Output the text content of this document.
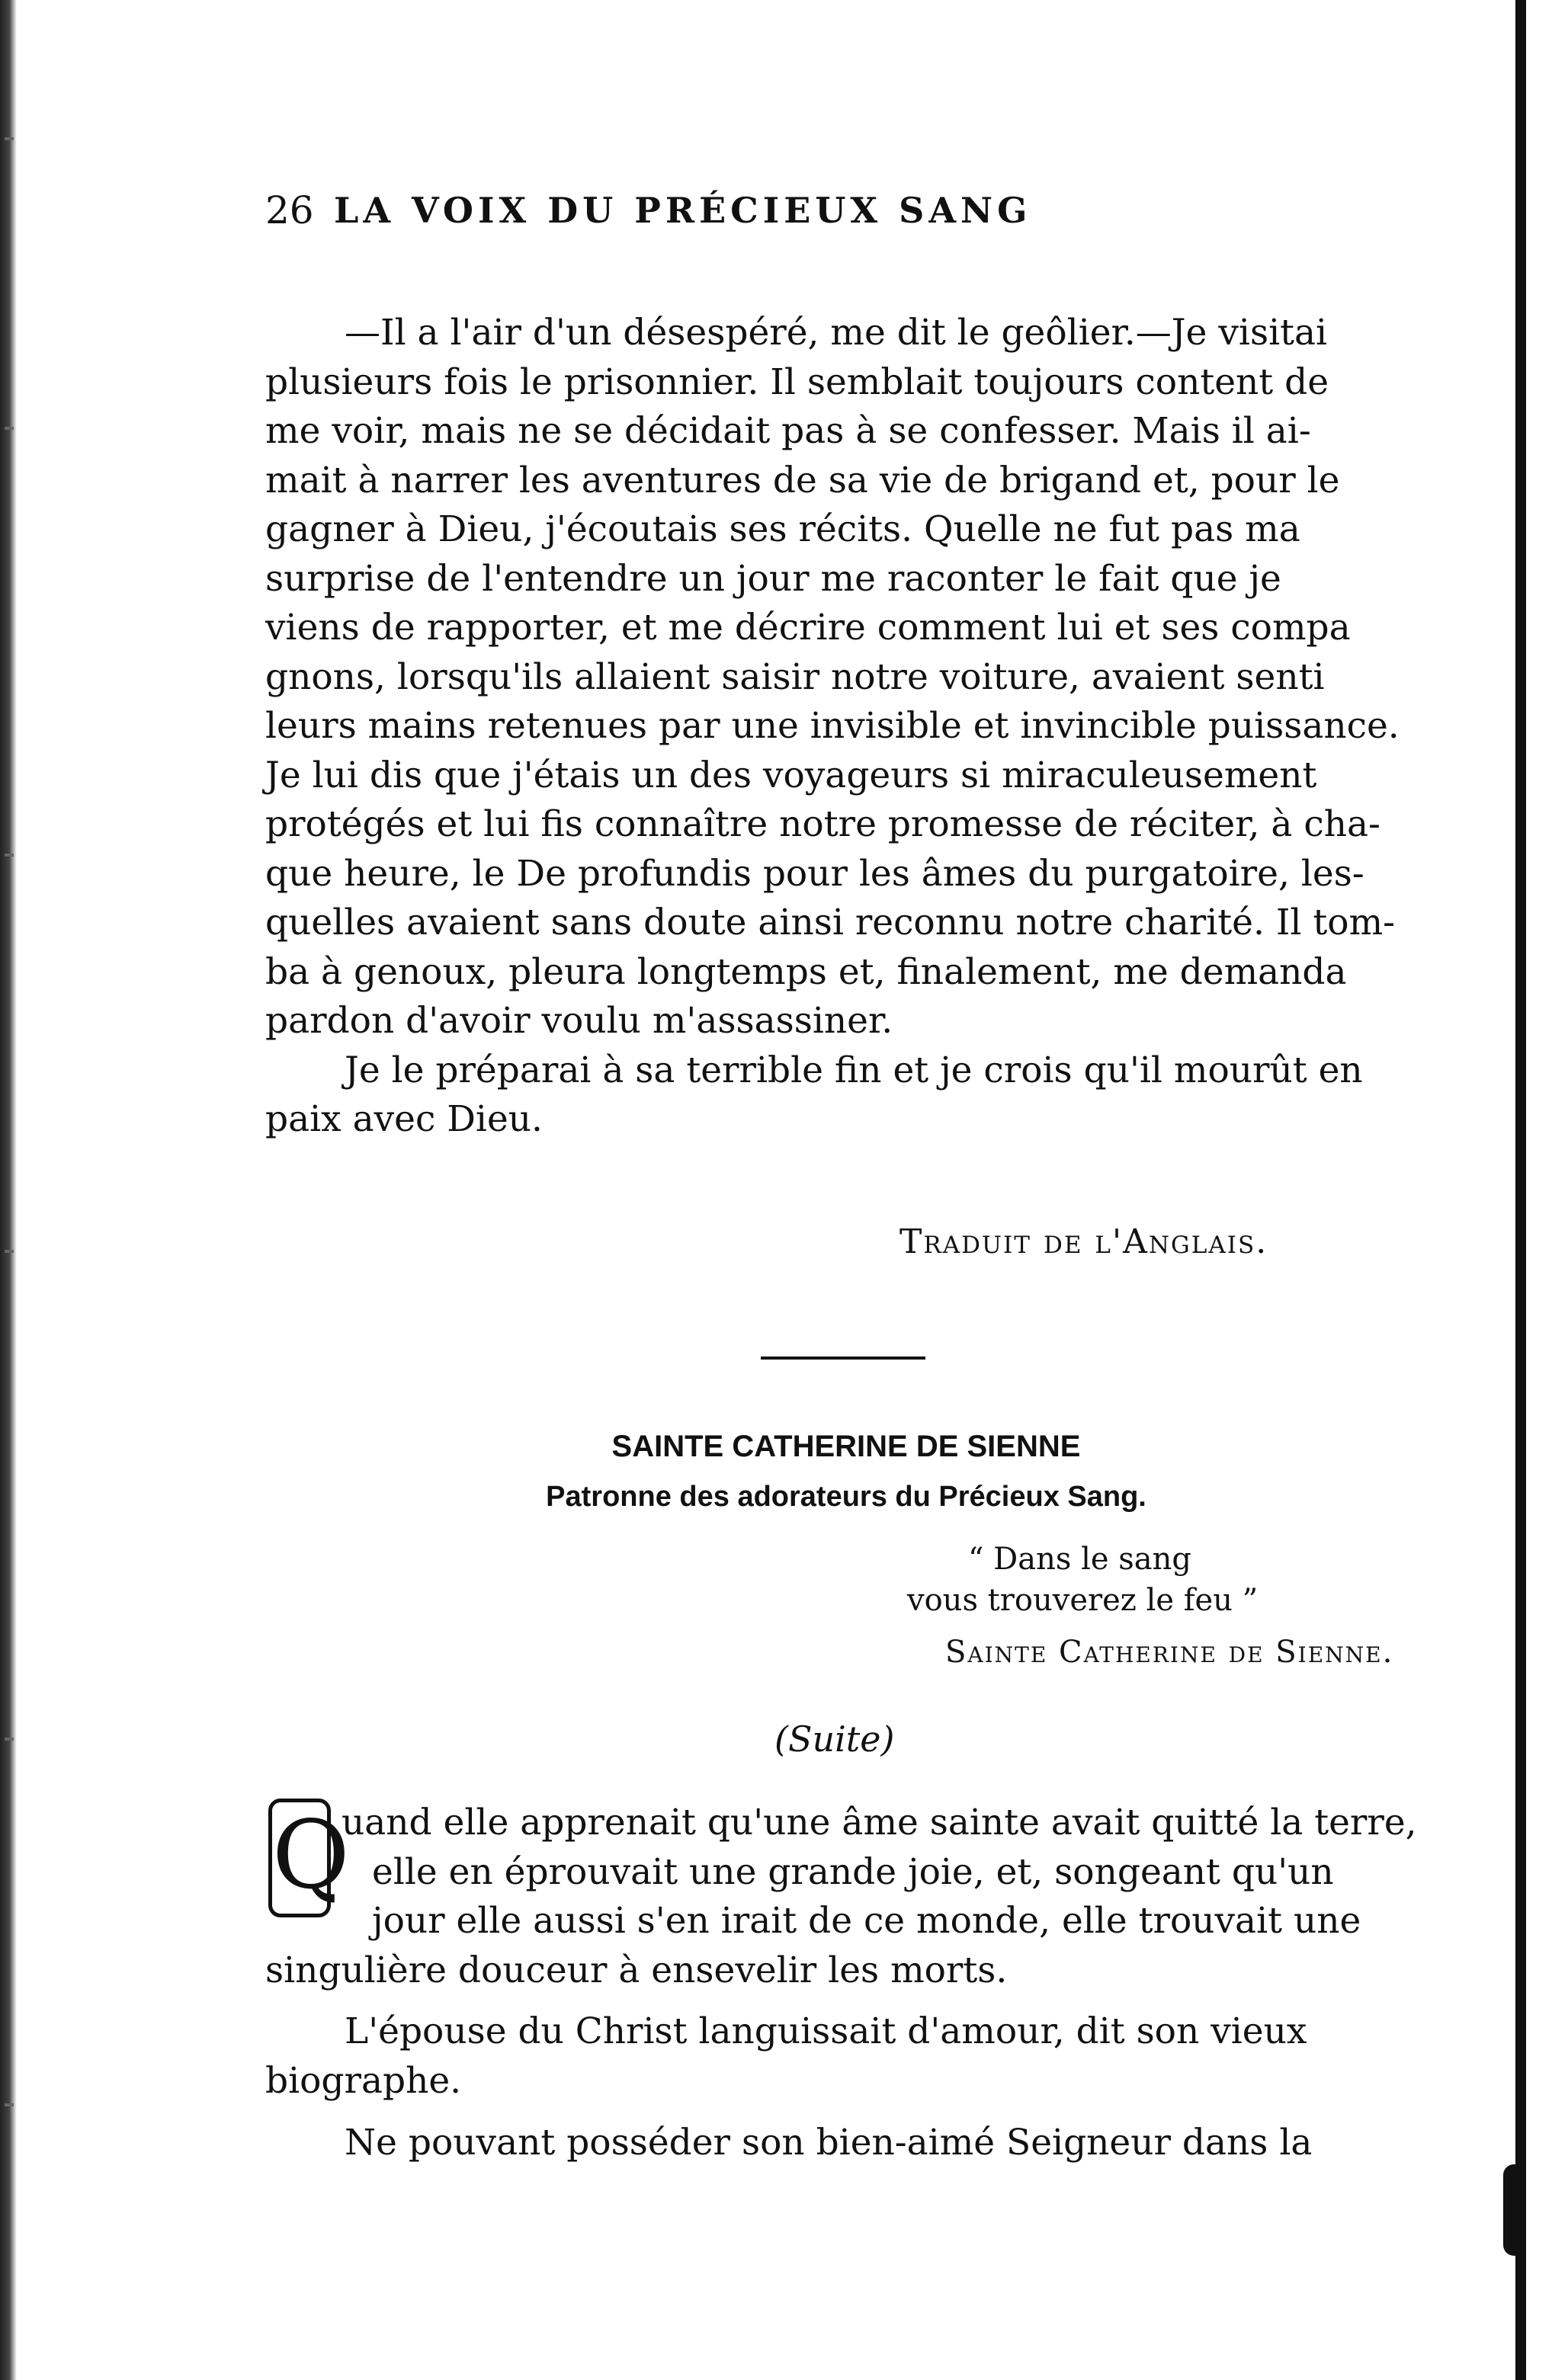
26 LA VOIX DU PRÉCIEUX SANG
—Il a l'air d'un désespéré, me dit le geôlier.—Je visitai
plusieurs fois le prisonnier. Il semblait toujours content de
me voir, mais ne se décidait pas à se confesser. Mais il ai-
mait à narrer les aventures de sa vie de brigand et, pour le
gagner à Dieu, j'écoutais ses récits. Quelle ne fut pas ma
surprise de l'entendre un jour me raconter le fait que je
viens de rapporter, et me décrire comment lui et ses compa
gnons, lorsqu'ils allaient saisir notre voiture, avaient senti
leurs mains retenues par une invisible et invincible puissance.
Je lui dis que j'étais un des voyageurs si miraculeusement
protégés et lui fis connaître notre promesse de réciter, à cha-
que heure, le De profundis pour les âmes du purgatoire, les-
quelles avaient sans doute ainsi reconnu notre charité. Il tom-
ba à genoux, pleura longtemps et, finalement, me demanda
pardon d'avoir voulu m'assassiner.
Je le préparai à sa terrible fin et je crois qu'il mourût en
paix avec Dieu.
Traduit de l'Anglais.
SAINTE CATHERINE DE SIENNE
Patronne des adorateurs du Précieux Sang.
“ Dans le sang
vous trouverez le feu ”
Sainte Catherine de Sienne.
(Suite)
uand elle apprenait qu'une âme sainte avait quitté la terre,
elle en éprouvait une grande joie, et, songeant qu'un
jour elle aussi s'en irait de ce monde, elle trouvait une
singulière douceur à ensevelir les morts.
Q
L'épouse du Christ languissait d'amour, dit son vieux
biographe.
Ne pouvant posséder son bien-aimé Seigneur dans la
